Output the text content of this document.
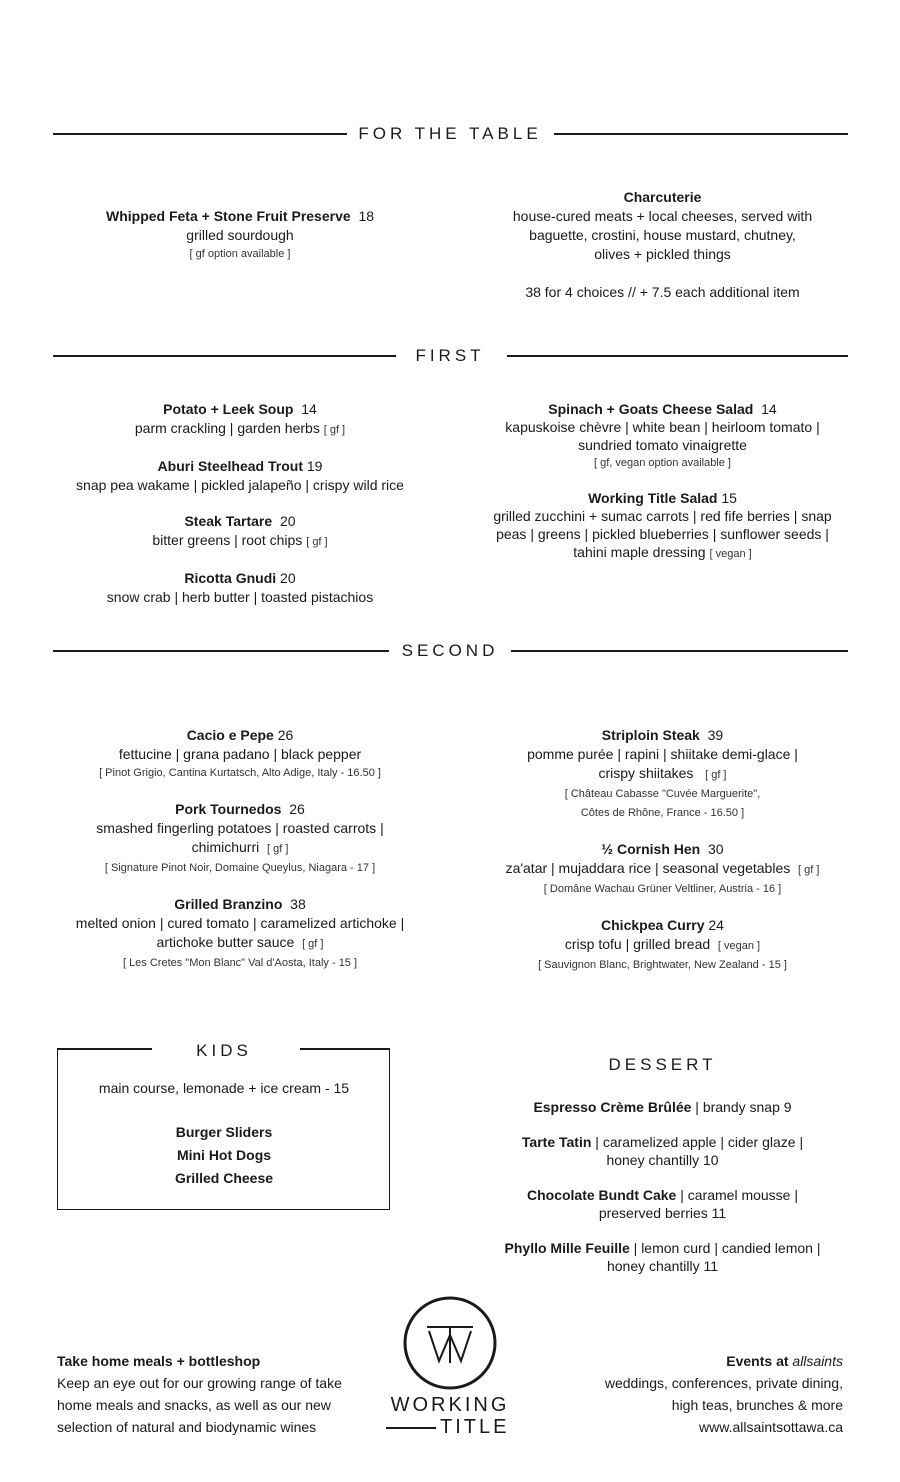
FOR THE TABLE
Whipped Feta + Stone Fruit Preserve 18
grilled sourdough
[ gf option available ]
Charcuterie
house-cured meats + local cheeses, served with
baguette, crostini, house mustard, chutney,
olives + pickled things
38 for 4 choices // + 7.5 each additional item
FIRST
Potato + Leek Soup 14
parm crackling | garden herbs [ gf ]
Aburi Steelhead Trout 19
snap pea wakame | pickled jalapeño | crispy wild rice
Steak Tartare 20
bitter greens | root chips [ gf ]
Ricotta Gnudi 20
snow crab | herb butter | toasted pistachios
Spinach + Goats Cheese Salad 14
kapuskoise chèvre | white bean | heirloom tomato |
sundried tomato vinaigrette
[ gf, vegan option available ]
Working Title Salad 15
grilled zucchini + sumac carrots | red fife berries | snap
peas | greens | pickled blueberries | sunflower seeds |
tahini maple dressing [ vegan ]
SECOND
Cacio e Pepe 26
fettucine | grana padano | black pepper
[ Pinot Grigio, Cantina Kurtatsch, Alto Adige, Italy - 16.50 ]
Pork Tournedos 26
smashed fingerling potatoes | roasted carrots |
chimichurri [ gf ]
[ Signature Pinot Noir, Domaine Queylus, Niagara - 17 ]
Grilled Branzino 38
melted onion | cured tomato | caramelized artichoke |
artichoke butter sauce [ gf ]
[ Les Cretes "Mon Blanc" Val d'Aosta, Italy - 15 ]
Striploin Steak 39
pomme purée | rapini | shiitake demi-glace |
crispy shiitakes [ gf ]
[ Château Cabasse "Cuvée Marguerite",
Côtes de Rhône, France - 16.50 ]
½ Cornish Hen 30
za'atar | mujaddara rice | seasonal vegetables [ gf ]
[ Domâne Wachau Grüner Veltliner, Austria - 16 ]
Chickpea Curry 24
crisp tofu | grilled bread [ vegan ]
[ Sauvignon Blanc, Brightwater, New Zealand - 15 ]
KIDS
main course, lemonade + ice cream - 15
Burger Sliders
Mini Hot Dogs
Grilled Cheese
DESSERT
Espresso Crème Brûlée | brandy snap 9
Tarte Tatin | caramelized apple | cider glaze |
honey chantilly 10
Chocolate Bundt Cake | caramel mousse |
preserved berries 11
Phyllo Mille Feuille | lemon curd | candied lemon |
honey chantilly 11
Take home meals + bottleshop
Keep an eye out for our growing range of take
home meals and snacks, as well as our new
selection of natural and biodynamic wines
WORKING
TITLE
Events at allsaints
weddings, conferences, private dining,
high teas, brunches & more
www.allsaintsottawa.ca
